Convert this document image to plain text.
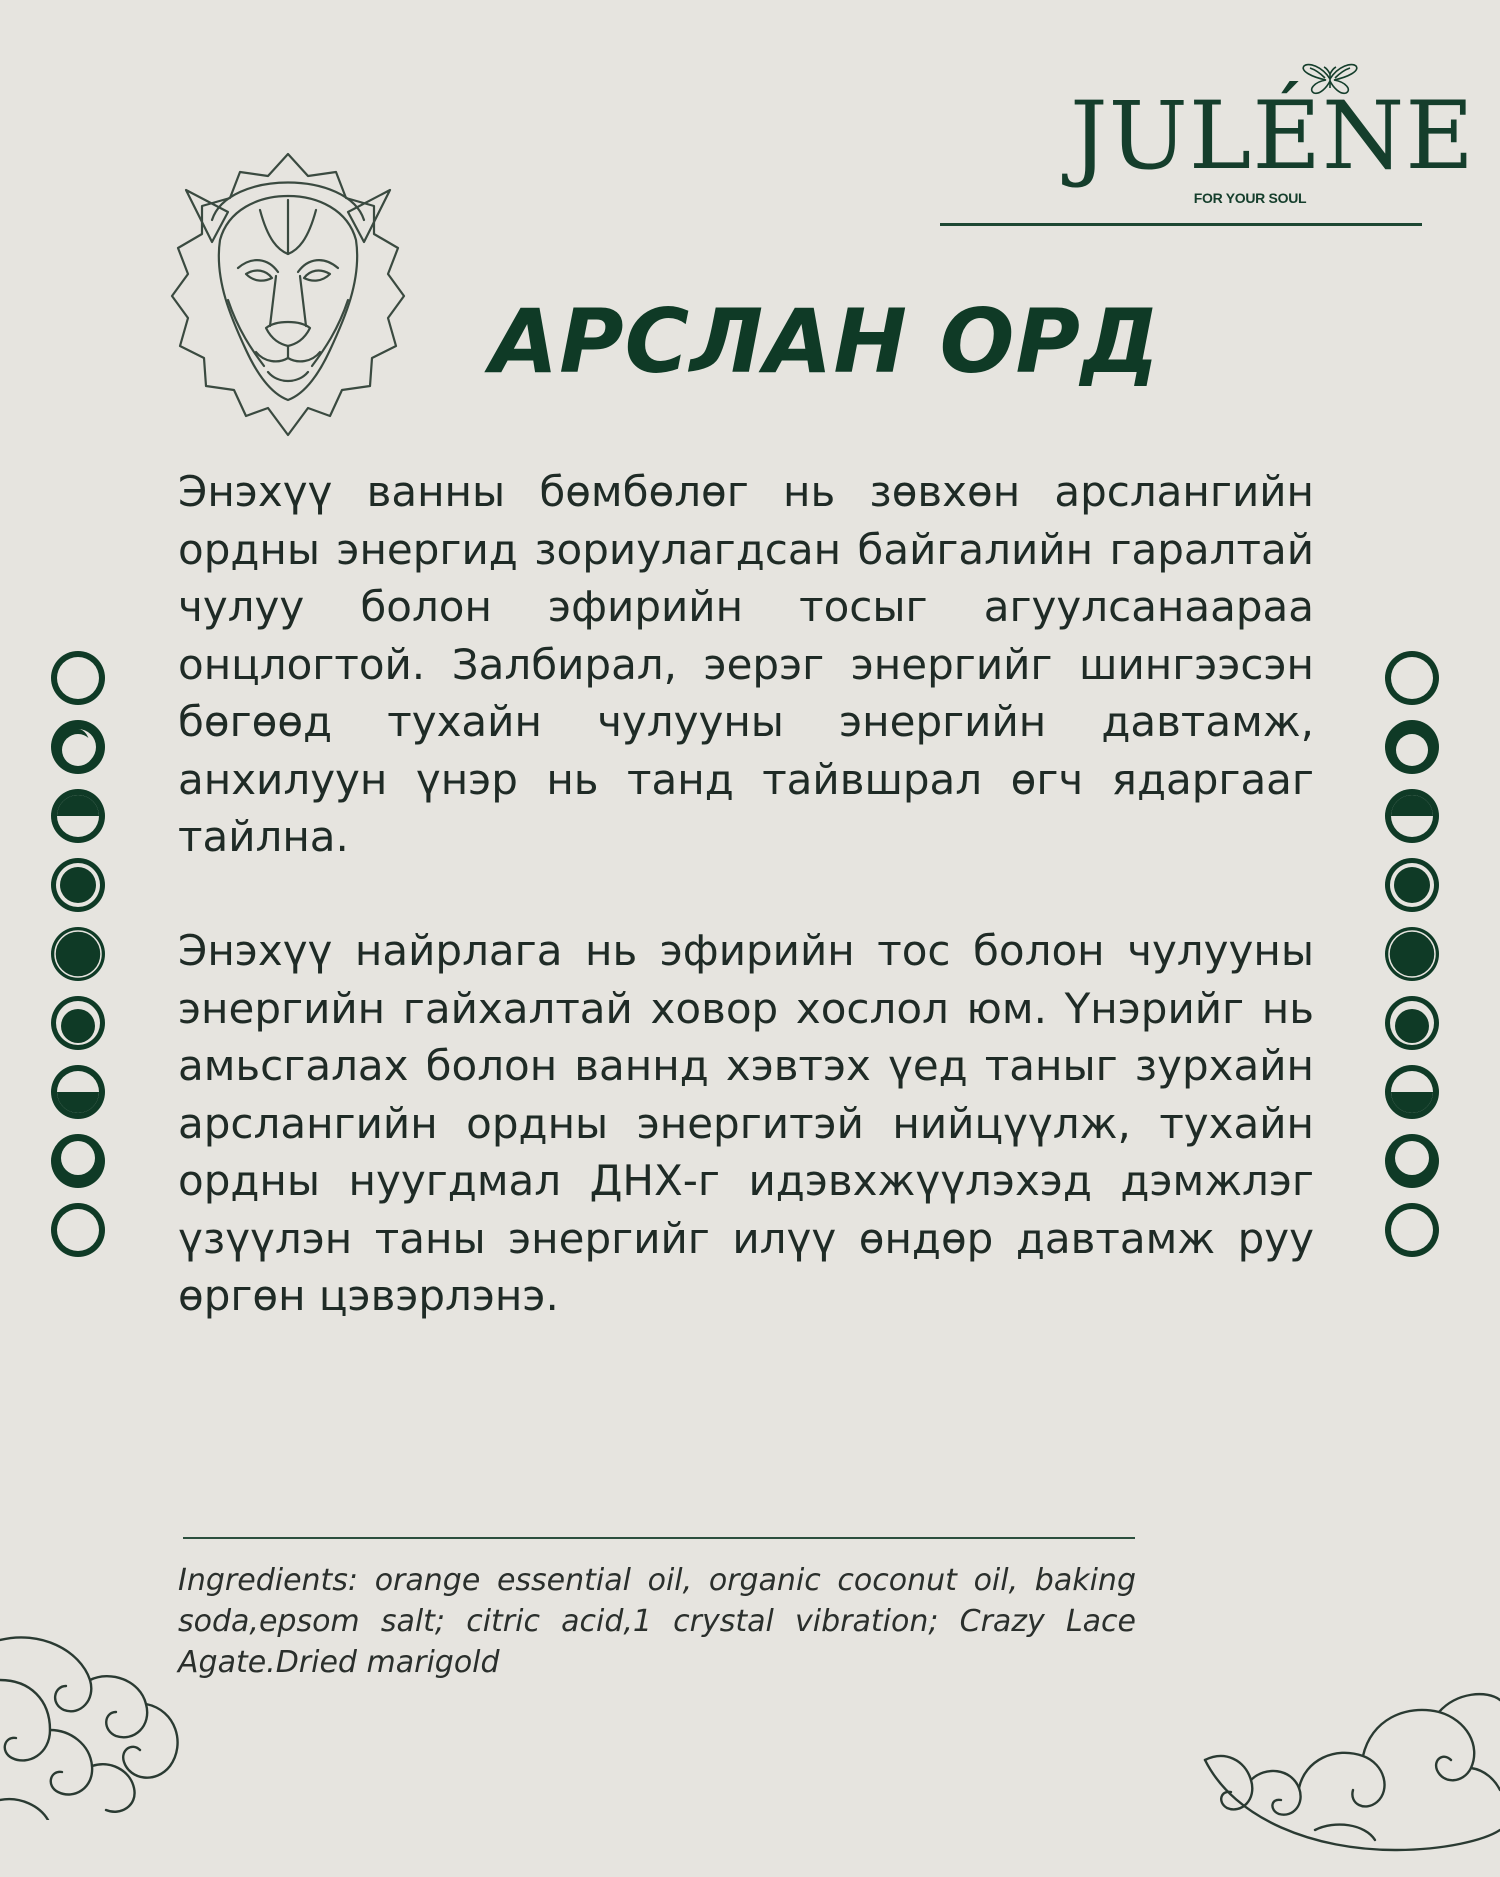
JULÉNE
FOR YOUR SOUL
АРСЛАН ОРД

Энэхүү ванны бөмбөлөг нь зөвхөн арслангийн ордны энергид зориулагдсан байгалийн гаралтай чулуу болон эфирийн тосыг агуулсанаараа онцлогтой. Залбирал, эерэг энергийг шингээсэн бөгөөд тухайн чулууны энергийн давтамж, анхилуун үнэр нь танд тайвшрал өгч ядаргааг тайлна.

Энэхүү найрлага нь эфирийн тос болон чулууны энергийн гайхалтай ховор хослол юм. Үнэрийг нь амьсгалах болон ваннд хэвтэх үед таныг зурхайн арслангийн ордны энергитэй нийцүүлж, тухайн ордны нуугдмал ДНХ-г идэвхжүүлэхэд дэмжлэг үзүүлэн таны энергийг илүү өндөр давтамж руу өргөн цэвэрлэнэ.

Ingredients: orange essential oil, organic coconut oil, baking soda,epsom salt; citric acid,1 crystal vibration; Crazy Lace Agate.Dried marigold
